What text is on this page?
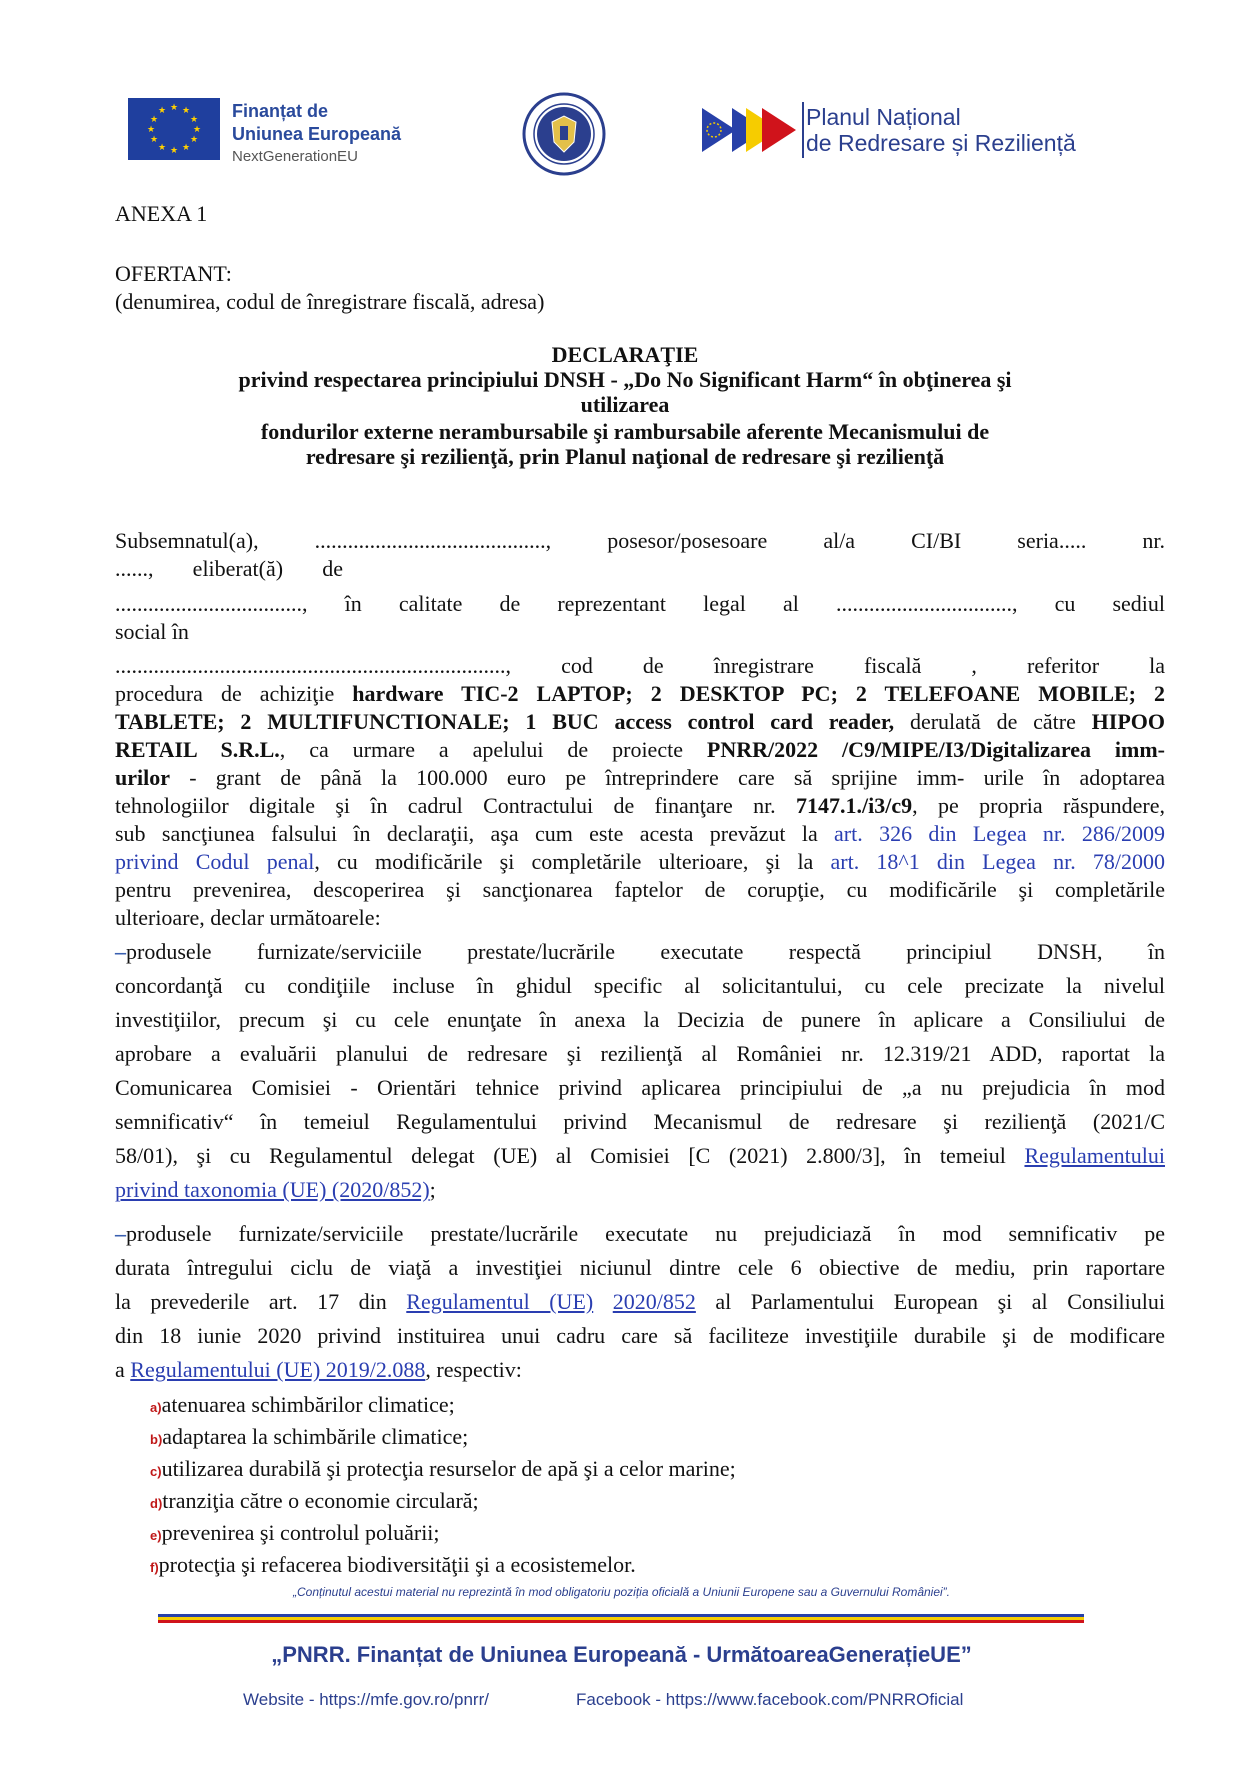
★ ★
★
★
★
★
★
★
★
★
★
★	Finanțat de
Uniunea Europeană
NextGenerationEU
Planul Național
de Redresare și Reziliență
ANEXA 1
OFERTANT:
(denumirea, codul de înregistrare fiscală, adresa)
DECLARAŢIE
privind respectarea principiului DNSH - „Do No Significant Harm“ în obţinerea şi
utilizarea
fondurilor externe nerambursabile şi rambursabile aferente Mecanismului de
redresare şi rezilienţă, prin Planul naţional de redresare şi rezilienţă
Subsemnatul(a), .........................................., posesor/posesoare al/a CI/BI seria..... nr.
......, eliberat(ă) de
.................................., în calitate de reprezentant legal al ................................, cu sediul
social în
......................................................................., cod de înregistrare fiscală , referitor la
procedura de achiziţie hardware TIC-2 LAPTOP; 2 DESKTOP PC; 2 TELEFOANE MOBILE; 2
TABLETE; 2 MULTIFUNCTIONALE; 1 BUC access control card reader, derulată de către HIPOO
RETAIL S.R.L., ca urmare a apelului de proiecte PNRR/2022 /C9/MIPE/I3/Digitalizarea imm-
urilor - grant de până la 100.000 euro pe întreprindere care să sprijine imm- urile în adoptarea
tehnologiilor digitale şi în cadrul Contractului de finanţare nr. 7147.1./i3/c9, pe propria răspundere,
sub sancţiunea falsului în declaraţii, aşa cum este acesta prevăzut la art. 326 din Legea nr. 286/2009
privind Codul penal, cu modificările şi completările ulterioare, şi la art. 18^1 din Legea nr. 78/2000
pentru prevenirea, descoperirea şi sancţionarea faptelor de corupţie, cu modificările şi completările
ulterioare, declar următoarele:
–produsele furnizate/serviciile prestate/lucrările executate respectă principiul DNSH, în
concordanţă cu condiţiile incluse în ghidul specific al solicitantului, cu cele precizate la nivelul
investiţiilor, precum şi cu cele enunţate în anexa la Decizia de punere în aplicare a Consiliului de
aprobare a evaluării planului de redresare şi rezilienţă al României nr. 12.319/21 ADD, raportat la
Comunicarea Comisiei - Orientări tehnice privind aplicarea principiului de „a nu prejudicia în mod
semnificativ“ în temeiul Regulamentului privind Mecanismul de redresare şi rezilienţă (2021/C
58/01), şi cu Regulamentul delegat (UE) al Comisiei [C (2021) 2.800/3], în temeiul Regulamentului
privind taxonomia (UE) (2020/852);
–produsele furnizate/serviciile prestate/lucrările executate nu prejudiciază în mod semnificativ pe
durata întregului ciclu de viaţă a investiţiei niciunul dintre cele 6 obiective de mediu, prin raportare
la prevederile art. 17 din Regulamentul (UE) 2020/852 al Parlamentului European şi al Consiliului
din 18 iunie 2020 privind instituirea unui cadru care să faciliteze investiţiile durabile şi de modificare
a Regulamentului (UE) 2019/2.088, respectiv:
a)atenuarea schimbărilor climatice;
b)adaptarea la schimbările climatice;
c)utilizarea durabilă şi protecţia resurselor de apă şi a celor marine;
d)tranziţia către o economie circulară;
e)prevenirea şi controlul poluării;
f)protecţia şi refacerea biodiversităţii şi a ecosistemelor.
„Conținutul acestui material nu reprezintă în mod obligatoriu poziția oficială a Uniunii Europene sau a Guvernului României”.
„PNRR. Finanțat de Uniunea Europeană - UrmătoareaGenerațieUE”
Website - https://mfe.gov.ro/pnrr/	Facebook - https://www.facebook.com/PNRROficial
